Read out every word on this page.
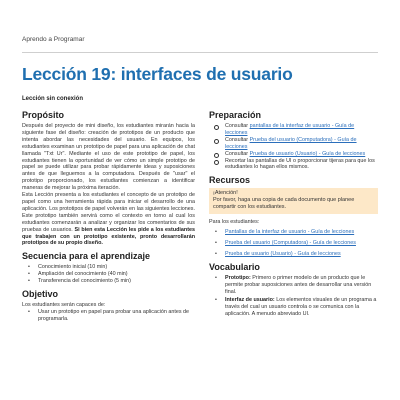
Aprendo a Programar
Lección 19: interfaces de usuario
Lección sin conexión
Propósito

Después del proyecto de mini diseño, los estudiantes mirarán hacia la siguiente fase del diseño: creación de prototipos de un producto que intenta abordar las necesidades del usuario. En equipos, los estudiantes examinan un prototipo de papel para una aplicación de chat llamada "Txt Ur". Mediante el uso de este prototipo de papel, los estudiantes tienen la oportunidad de ver cómo un simple prototipo de papel se puede utilizar para probar rápidamente ideas y suposiciones antes de que lleguemos a la computadora. Después de "usar" el prototipo proporcionado, los estudiantes comienzan a identificar maneras de mejorar la próxima iteración.

Esta Lección presenta a los estudiantes el concepto de un prototipo de papel como una herramienta rápida para iniciar el desarrollo de una aplicación. Los prototipos de papel volverán en las siguientes lecciones. Este prototipo también servirá como el contexto en torno al cual los estudiantes comenzarán a analizar y organizar los comentarios de sus pruebas de usuarios. Si bien esta Lección les pide a los estudiantes que trabajen con un prototipo existente, pronto desarrollarán prototipos de su propio diseño.

Secuencia para el aprendizaje
• Conocimiento inicial (10 min)
• Ampliación del conocimiento (40 min)
• Transferencia del conocimiento (5 min)
Objetivo

Los estudiantes serán capaces de:

• Usar un prototipo en papel para probar una aplicación antes de programarla.
Preparación
Consultar pantallas de la interfaz de usuario - Guía de lecciones
Consultar Prueba del usuario (Computadora) - Guía de lecciones
Consultar Prueba de usuario (Usuario) - Guía de lecciones
Recortar las pantallas de UI o proporcionar tijeras para que los estudiantes lo hagan ellos mismos.
Recursos
¡Atención!
Por favor, haga una copia de cada documento que planee compartir con los estudiantes.
Para los estudiantes:
• Pantallas de la interfaz de usuario - Guía de lecciones
• Prueba del usuario (Computadora) - Guía de lecciones
• Prueba de usuario (Usuario) - Guía de lecciones
Vocabulario
• Prototipo: Primero o primer modelo de un producto que le permite probar suposiciones antes de desarrollar una versión final.
• Interfaz de usuario: Los elementos visuales de un programa a través del cual un usuario controla o se comunica con la aplicación. A menudo abreviado UI.
